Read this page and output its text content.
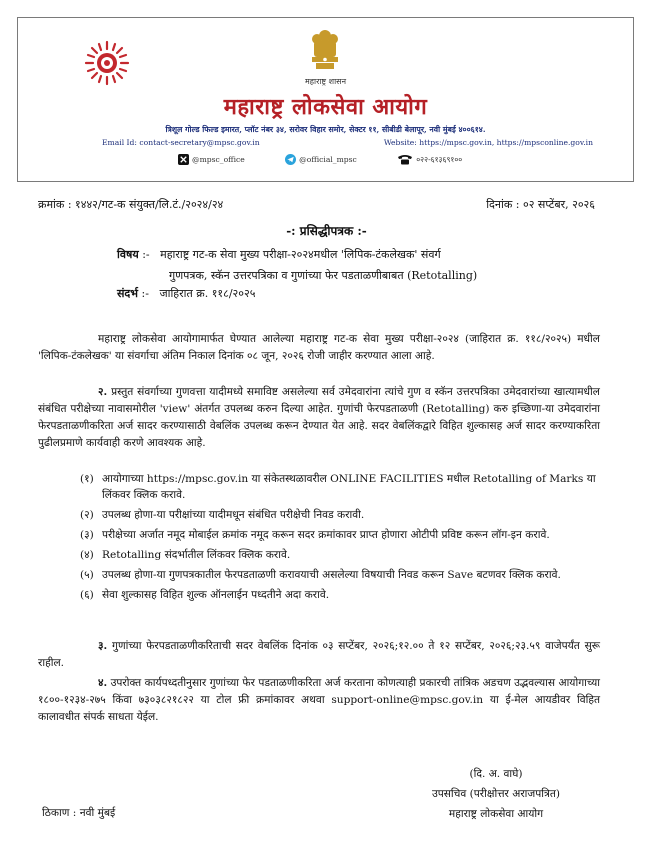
महाराष्ट्र शासन
महाराष्ट्र लोकसेवा आयोग
त्रिशूल गोल्ड फिल्ड इमारत, प्लॉट नंबर ३४, सरोवर विहार समोर, सेक्टर ११, सीबीडी बेलापूर, नवी मुंबई ४००६१४.
Email Id: contact-secretary@mpsc.gov.in	Website: https://mpsc.gov.in, https://mpsconline.gov.in
@mpsc_office
	@official_mpsc
	०२२-६१३६९१००
क्रमांक : १४४२/गट-क संयुक्त/लि.टं./२०२४/२४	दिनांक : ०२ सप्टेंबर, २०२६
-: प्रसिद्धीपत्रक :-
विषय :-   महाराष्ट्र गट-क सेवा मुख्य परीक्षा-२०२४मधील 'लिपिक-टंकलेखक' संवर्ग
गुणपत्रक, स्कॅन उत्तरपत्रिका व गुणांच्या फेर पडताळणीबाबत (Retotalling)
संदर्भ :-   जाहिरात क्र. ११८/२०२५
महाराष्ट्र लोकसेवा आयोगामार्फत घेण्यात आलेल्या महाराष्ट्र गट-क सेवा मुख्य परीक्षा-२०२४ (जाहिरात क्र. ११८/२०२५) मधील 'लिपिक-टंकलेखक' या संवर्गाचा अंतिम निकाल दिनांक ०८ जून, २०२६ रोजी जाहीर करण्यात आला आहे.
२. प्रस्तुत संवर्गाच्या गुणवत्ता यादीमध्ये समाविष्ट असलेल्या सर्व उमेदवारांना त्यांचे गुण व स्कॅन उत्तरपत्रिका उमेदवारांच्या खात्यामधील संबंधित परीक्षेच्या नावासमोरील 'view' अंतर्गत उपलब्ध करुन दिल्या आहेत. गुणांची फेरपडताळणी (Retotalling) करु इच्छिणा-या उमेदवारांना फेरपडताळणीकरिता अर्ज सादर करण्यासाठी वेबलिंक उपलब्ध करून देण्यात येत आहे. सदर वेबलिंकद्वारे विहित शुल्कासह अर्ज सादर करण्याकरिता पुढीलप्रमाणे कार्यवाही करणे आवश्यक आहे.
(१) आयोगाच्या https://mpsc.gov.in या संकेतस्थळावरील ONLINE FACILITIES मधील Retotalling of Marks या लिंकवर क्लिक करावे.
(२) उपलब्ध होणा-या परीक्षांच्या यादीमधून संबंधित परीक्षेची निवड करावी.
(३) परीक्षेच्या अर्जात नमूद मोबाईल क्रमांक नमूद करून सदर क्रमांकावर प्राप्त होणारा ओटीपी प्रविष्ट करून लॉग-इन करावे.
(४) Retotalling संदर्भातील लिंकवर क्लिक करावे.
(५) उपलब्ध होणा-या गुणपत्रकातील फेरपडताळणी करावयाची असलेल्या विषयाची निवड करून Save बटणवर क्लिक करावे.
(६) सेवा शुल्कासह विहित शुल्क ऑनलाईन पध्दतीने अदा करावे.
३. गुणांच्या फेरपडताळणीकरिताची सदर वेबलिंक दिनांक ०३ सप्टेंबर, २०२६;१२.०० ते १२ सप्टेंबर, २०२६;२३.५९ वाजेपर्यंत सुरू राहील.
४. उपरोक्त कार्यपध्दतीनुसार गुणांच्या फेर पडताळणीकरिता अर्ज करताना कोणत्याही प्रकारची तांत्रिक अडचण उद्भवल्यास आयोगाच्या १८००-१२३४-२७५ किंवा ७३०३८२१८२२ या टोल फ्री क्रमांकावर अथवा support-online@mpsc.gov.in या ई-मेल आयडीवर विहित कालावधीत संपर्क साधता येईल.
(दि. अ. वाघे)
उपसचिव (परीक्षोत्तर अराजपत्रित)
महाराष्ट्र लोकसेवा आयोग
ठिकाण : नवी मुंबई
